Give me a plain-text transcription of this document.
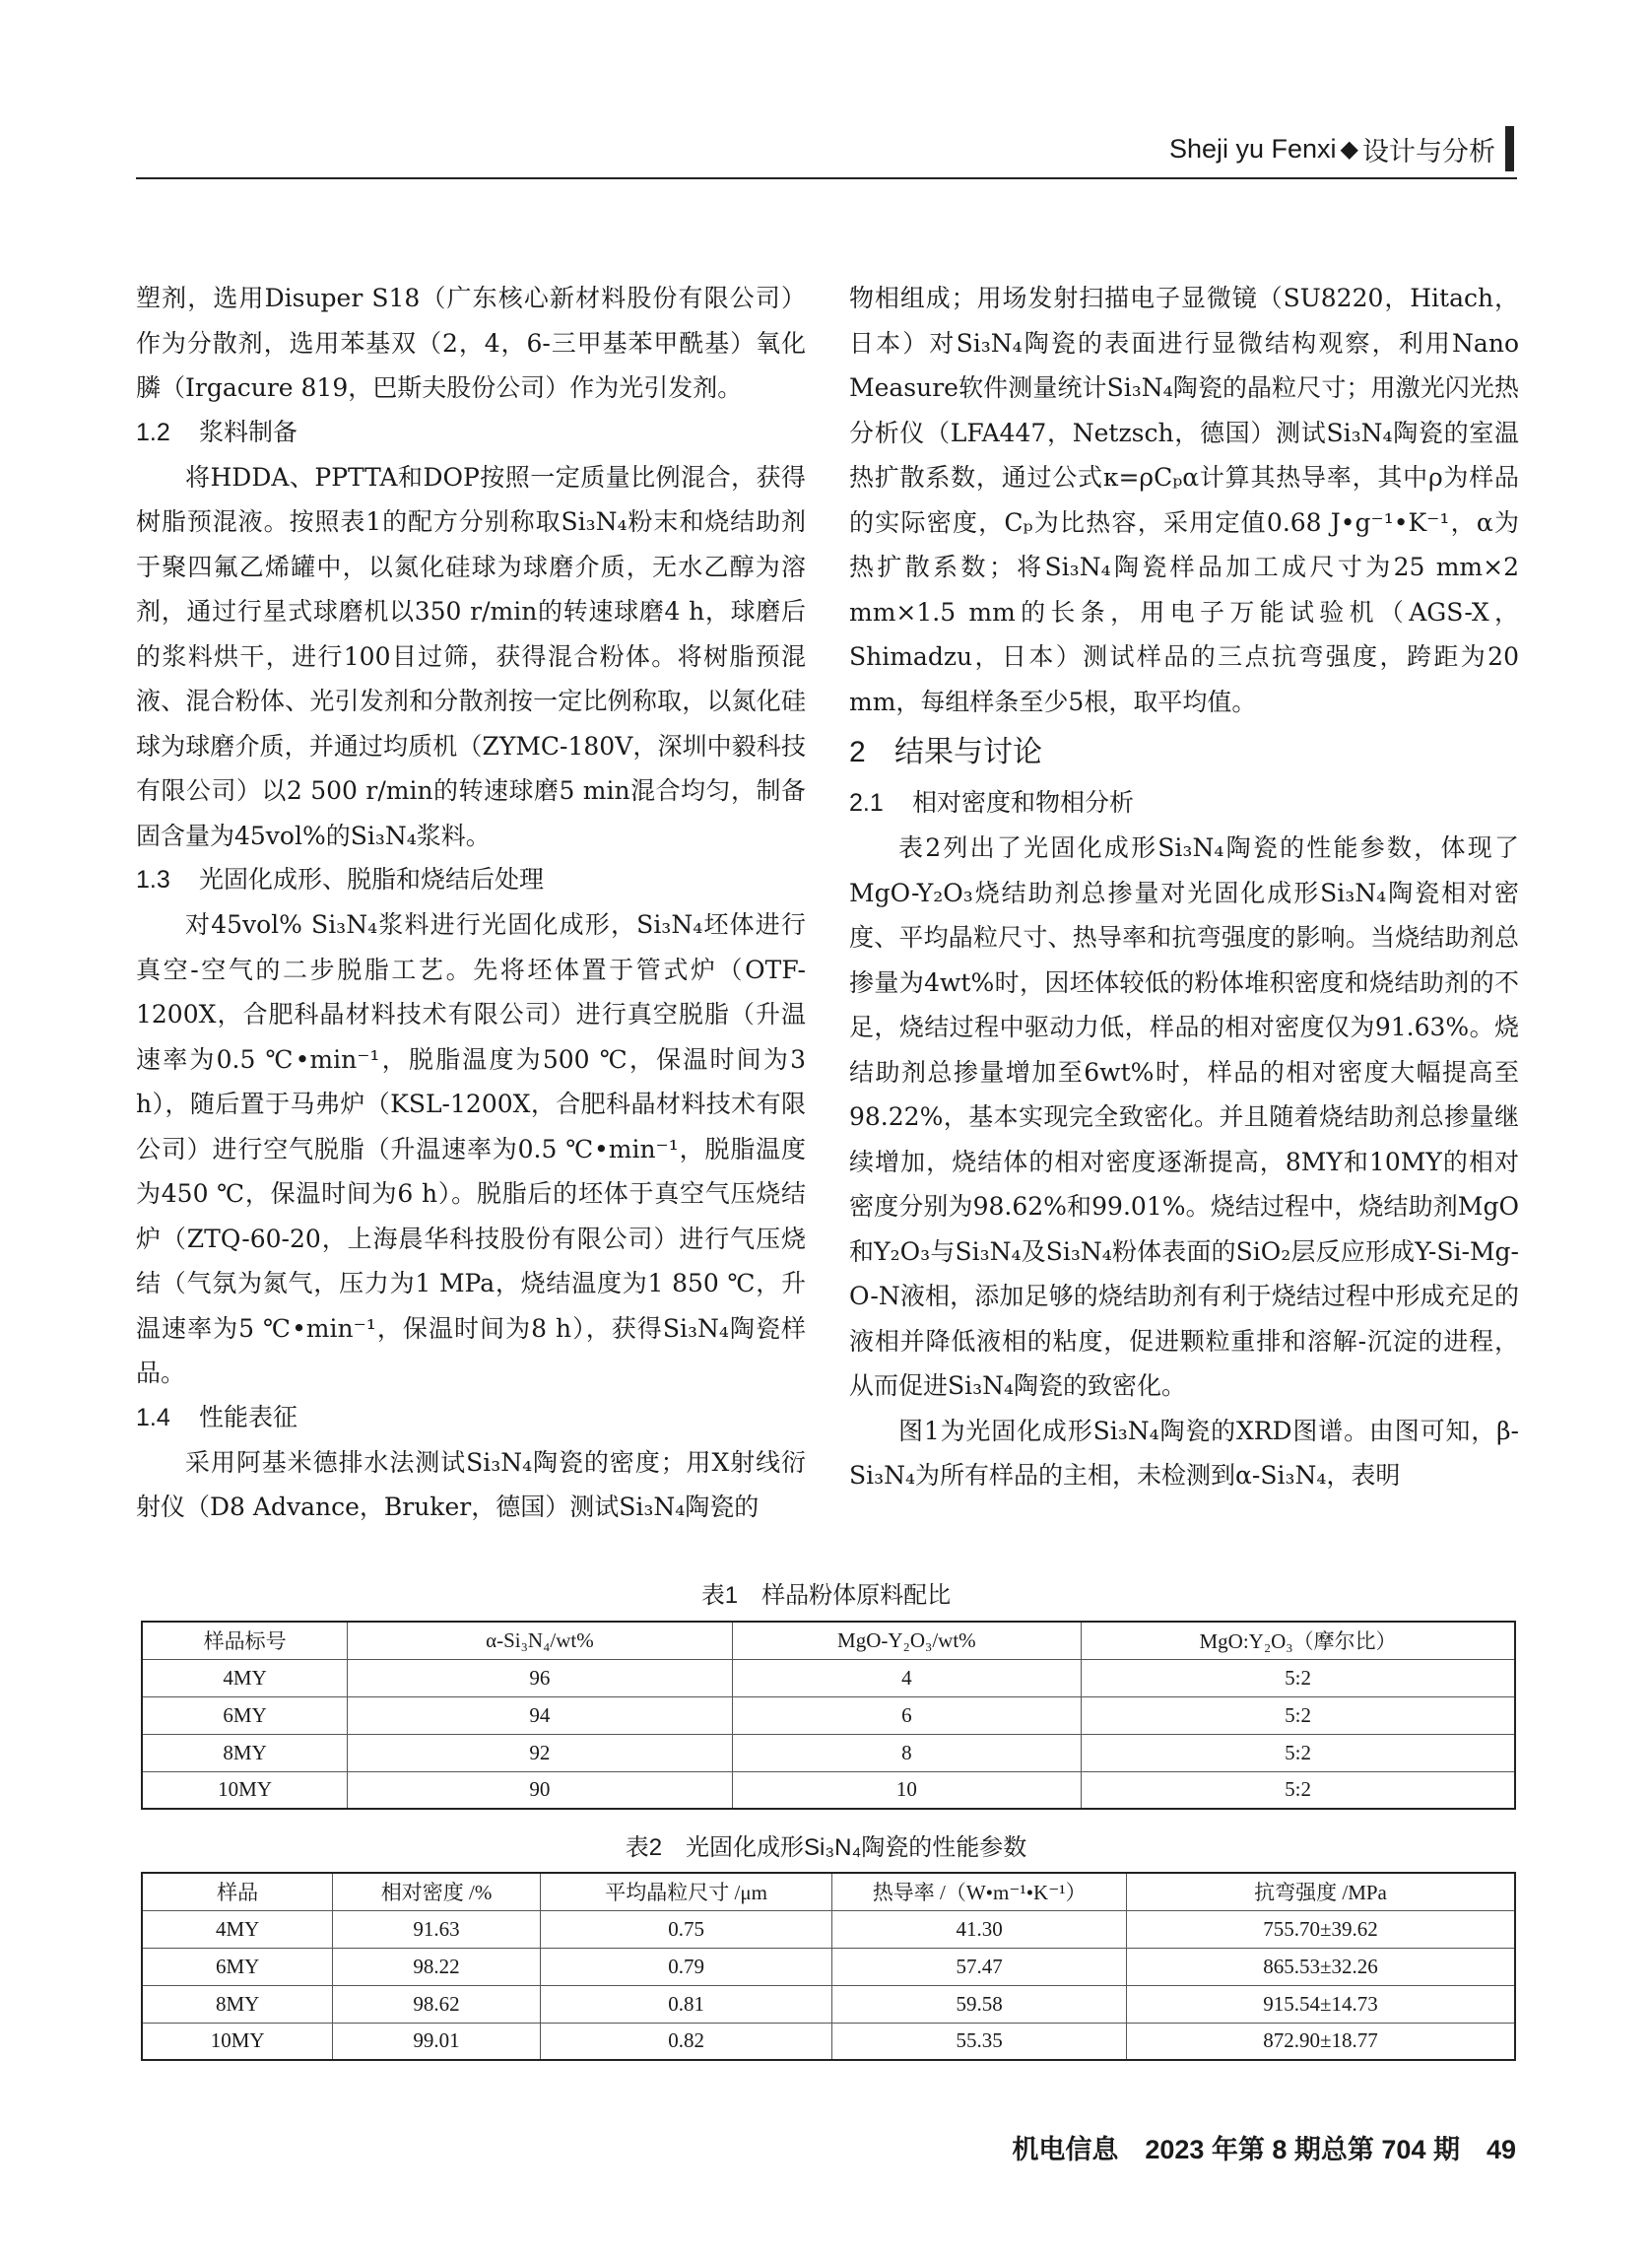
Sheji yu Fenxi ◆ 设计与分析

塑剂，选用Disuper S18（广东核心新材料股份有限公司）作为分散剂，选用苯基双（2，4，6-三甲基苯甲酰基）氧化膦（Irgacure 819，巴斯夫股份公司）作为光引发剂。

1.2 浆料制备

将HDDA、PPTTA和DOP按照一定质量比例混合，获得树脂预混液。按照表1的配方分别称取Si₃N₄粉末和烧结助剂于聚四氟乙烯罐中，以氮化硅球为球磨介质，无水乙醇为溶剂，通过行星式球磨机以350 r/min的转速球磨4 h，球磨后的浆料烘干，进行100目过筛，获得混合粉体。将树脂预混液、混合粉体、光引发剂和分散剂按一定比例称取，以氮化硅球为球磨介质，并通过均质机（ZYMC-180V，深圳中毅科技有限公司）以2 500 r/min的转速球磨5 min混合均匀，制备固含量为45vol%的Si₃N₄浆料。

1.3 光固化成形、脱脂和烧结后处理

对45vol% Si₃N₄浆料进行光固化成形，Si₃N₄坯体进行真空-空气的二步脱脂工艺。先将坯体置于管式炉（OTF-1200X，合肥科晶材料技术有限公司）进行真空脱脂（升温速率为0.5 ℃•min⁻¹，脱脂温度为500 ℃，保温时间为3 h），随后置于马弗炉（KSL-1200X，合肥科晶材料技术有限公司）进行空气脱脂（升温速率为0.5 ℃•min⁻¹，脱脂温度为450 ℃，保温时间为6 h）。脱脂后的坯体于真空气压烧结炉（ZTQ-60-20，上海晨华科技股份有限公司）进行气压烧结（气氛为氮气，压力为1 MPa，烧结温度为1 850 ℃，升温速率为5 ℃•min⁻¹，保温时间为8 h），获得Si₃N₄陶瓷样品。

1.4 性能表征

采用阿基米德排水法测试Si₃N₄陶瓷的密度；用X射线衍射仪（D8 Advance，Bruker，德国）测试Si₃N₄陶瓷的

物相组成；用场发射扫描电子显微镜（SU8220，Hitach，日本）对Si₃N₄陶瓷的表面进行显微结构观察，利用Nano Measure软件测量统计Si₃N₄陶瓷的晶粒尺寸；用激光闪光热分析仪（LFA447，Netzsch，德国）测试Si₃N₄陶瓷的室温热扩散系数，通过公式κ=ρCₚα计算其热导率，其中ρ为样品的实际密度，Cₚ为比热容，采用定值0.68 J•g⁻¹•K⁻¹，α为热扩散系数；将Si₃N₄陶瓷样品加工成尺寸为25 mm×2 mm×1.5 mm的长条，用电子万能试验机（AGS-X，Shimadzu，日本）测试样品的三点抗弯强度，跨距为20 mm，每组样条至少5根，取平均值。

2 结果与讨论
2.1 相对密度和物相分析

表2列出了光固化成形Si₃N₄陶瓷的性能参数，体现了MgO-Y₂O₃烧结助剂总掺量对光固化成形Si₃N₄陶瓷相对密度、平均晶粒尺寸、热导率和抗弯强度的影响。当烧结助剂总掺量为4wt%时，因坯体较低的粉体堆积密度和烧结助剂的不足，烧结过程中驱动力低，样品的相对密度仅为91.63%。烧结助剂总掺量增加至6wt%时，样品的相对密度大幅提高至98.22%，基本实现完全致密化。并且随着烧结助剂总掺量继续增加，烧结体的相对密度逐渐提高，8MY和10MY的相对密度分别为98.62%和99.01%。烧结过程中，烧结助剂MgO和Y₂O₃与Si₃N₄及Si₃N₄粉体表面的SiO₂层反应形成Y-Si-Mg-O-N液相，添加足够的烧结助剂有利于烧结过程中形成充足的液相并降低液相的粘度，促进颗粒重排和溶解-沉淀的进程，从而促进Si₃N₄陶瓷的致密化。

图1为光固化成形Si₃N₄陶瓷的XRD图谱。由图可知，β-Si₃N₄为所有样品的主相，未检测到α-Si₃N₄，表明

表1　样品粉体原料配比
样品标号	α-Si₃N₄/wt%	MgO-Y₂O₃/wt%	MgO:Y₂O₃（摩尔比）
4MY	96	4	5:2
6MY	94	6	5:2
8MY	92	8	5:2
10MY	90	10	5:2
表2　光固化成形Si₃N₄陶瓷的性能参数
样品	相对密度 /%	平均晶粒尺寸 /μm	热导率 /（W•m⁻¹•K⁻¹）	抗弯强度 /MPa
4MY	91.63	0.75	41.30	755.70±39.62
6MY	98.22	0.79	57.47	865.53±32.26
8MY	98.62	0.81	59.58	915.54±14.73
10MY	99.01	0.82	55.35	872.90±18.77
机电信息　2023 年第 8 期总第 704 期　49
